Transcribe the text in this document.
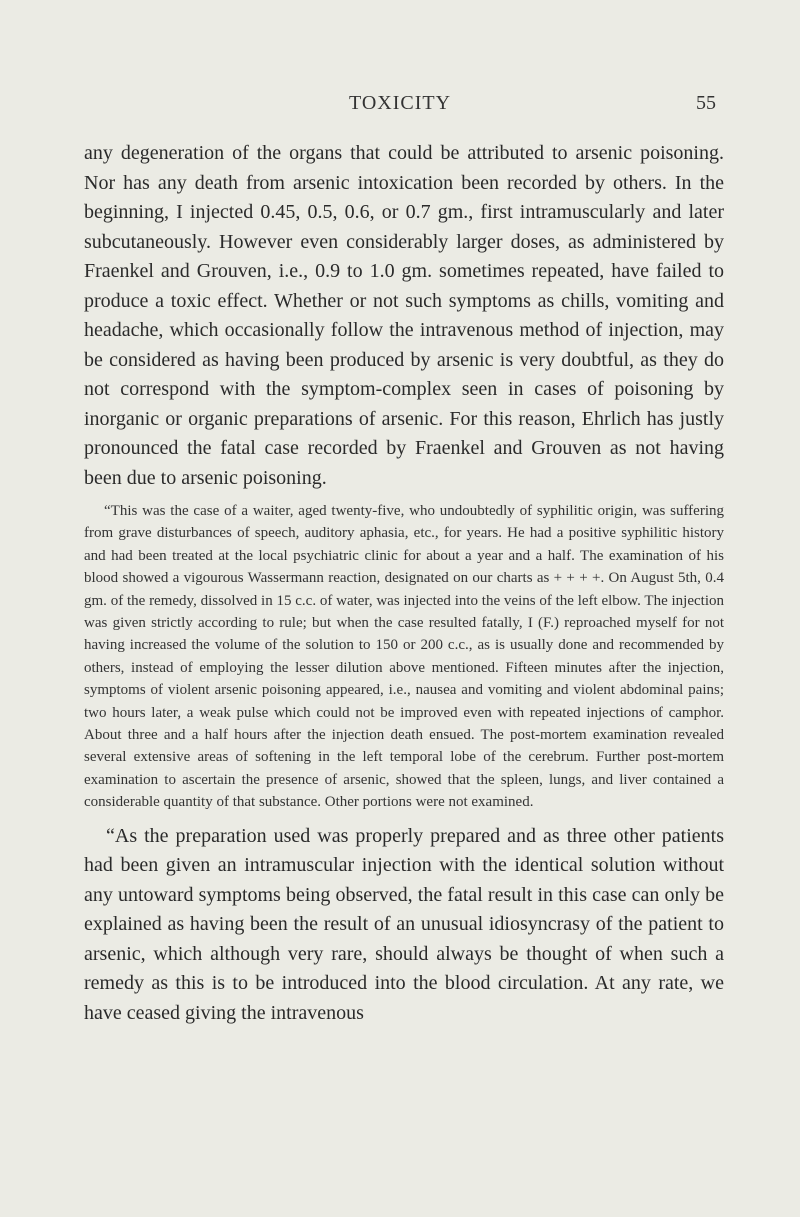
TOXICITY	55

any degeneration of the organs that could be attributed to arsenic poisoning. Nor has any death from arsenic intoxication been recorded by others. In the beginning, I injected 0.45, 0.5, 0.6, or 0.7 gm., first intramuscularly and later subcutaneously. However even considerably larger doses, as administered by Fraenkel and Grouven, i.e., 0.9 to 1.0 gm. sometimes repeated, have failed to produce a toxic effect. Whether or not such symptoms as chills, vomiting and headache, which occasionally follow the intravenous method of injection, may be considered as having been produced by arsenic is very doubtful, as they do not correspond with the symptom-complex seen in cases of poisoning by inorganic or organic preparations of arsenic. For this reason, Ehrlich has justly pronounced the fatal case recorded by Fraenkel and Grouven as not having been due to arsenic poisoning.

“This was the case of a waiter, aged twenty-five, who undoubtedly of syphilitic origin, was suffering from grave disturbances of speech, auditory aphasia, etc., for years. He had a positive syphilitic history and had been treated at the local psychiatric clinic for about a year and a half. The examination of his blood showed a vigourous Wassermann reaction, designated on our charts as + + + +. On August 5th, 0.4 gm. of the remedy, dissolved in 15 c.c. of water, was injected into the veins of the left elbow. The injection was given strictly according to rule; but when the case resulted fatally, I (F.) reproached myself for not having increased the volume of the solution to 150 or 200 c.c., as is usually done and recommended by others, instead of employing the lesser dilution above mentioned. Fifteen minutes after the injection, symptoms of violent arsenic poisoning appeared, i.e., nausea and vomiting and violent abdominal pains; two hours later, a weak pulse which could not be improved even with repeated injections of camphor. About three and a half hours after the injection death ensued. The post-mortem examination revealed several extensive areas of softening in the left temporal lobe of the cerebrum. Further post-mortem examination to ascertain the presence of arsenic, showed that the spleen, lungs, and liver contained a considerable quantity of that substance. Other portions were not examined.

“As the preparation used was properly prepared and as three other patients had been given an intramuscular injection with the identical solution without any untoward symptoms being observed, the fatal result in this case can only be explained as having been the result of an unusual idiosyncrasy of the patient to arsenic, which although very rare, should always be thought of when such a remedy as this is to be introduced into the blood circulation. At any rate, we have ceased giving the intravenous
